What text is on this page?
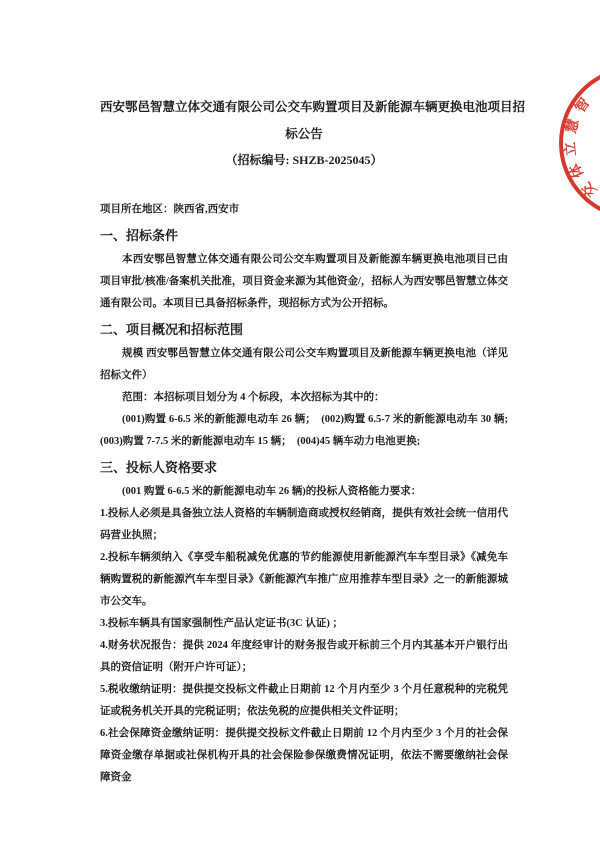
西安鄂邑智慧立体交通有限公司公交车购置项目及新能源车辆更换电池项目招
标公告
（招标编号: SHZB-2025045）

项目所在地区：陕西省,西安市

一、招标条件

本西安鄂邑智慧立体交通有限公司公交车购置项目及新能源车辆更换电池项目已由项目审批/核准/备案机关批准，项目资金来源为其他资金/，招标人为西安鄂邑智慧立体交通有限公司。本项目已具备招标条件，现招标方式为公开招标。

二、项目概况和招标范围

规模 西安鄂邑智慧立体交通有限公司公交车购置项目及新能源车辆更换电池（详见招标文件）

范围：本招标项目划分为 4 个标段，本次招标为其中的：

(001)购置 6-6.5 米的新能源电动车 26 辆；　(002)购置 6.5-7 米的新能源电动车 30 辆; (003)购置 7-7.5 米的新能源电动车 15 辆；　(004)45 辆车动力电池更换;

三、投标人资格要求

(001 购置 6-6.5 米的新能源电动车 26 辆)的投标人资格能力要求：

1.投标人必须是具备独立法人资格的车辆制造商或授权经销商，提供有效社会统一信用代码营业执照；

2.投标车辆须纳入《享受车船税减免优惠的节约能源使用新能源汽车车型目录》《减免车辆购置税的新能源汽车车型目录》《新能源汽车推广应用推荐车型目录》之一的新能源城市公交车。

3.投标车辆具有国家强制性产品认定证书(3C 认证) ；

4.财务状况报告：提供 2024 年度经审计的财务报告或开标前三个月内其基本开户银行出具的资信证明（附开户许可证）；

5.税收缴纳证明：提供提交投标文件截止日期前 12 个月内至少 3 个月任意税种的完税凭证或税务机关开具的完税证明；依法免税的应提供相关文件证明；

6.社会保障资金缴纳证明：提供提交投标文件截止日期前 12 个月内至少 3 个月的社会保障资金缴存单据或社保机构开具的社会保险参保缴费情况证明，依法不需要缴纳社会保障资金

智
慧
立
体
交
